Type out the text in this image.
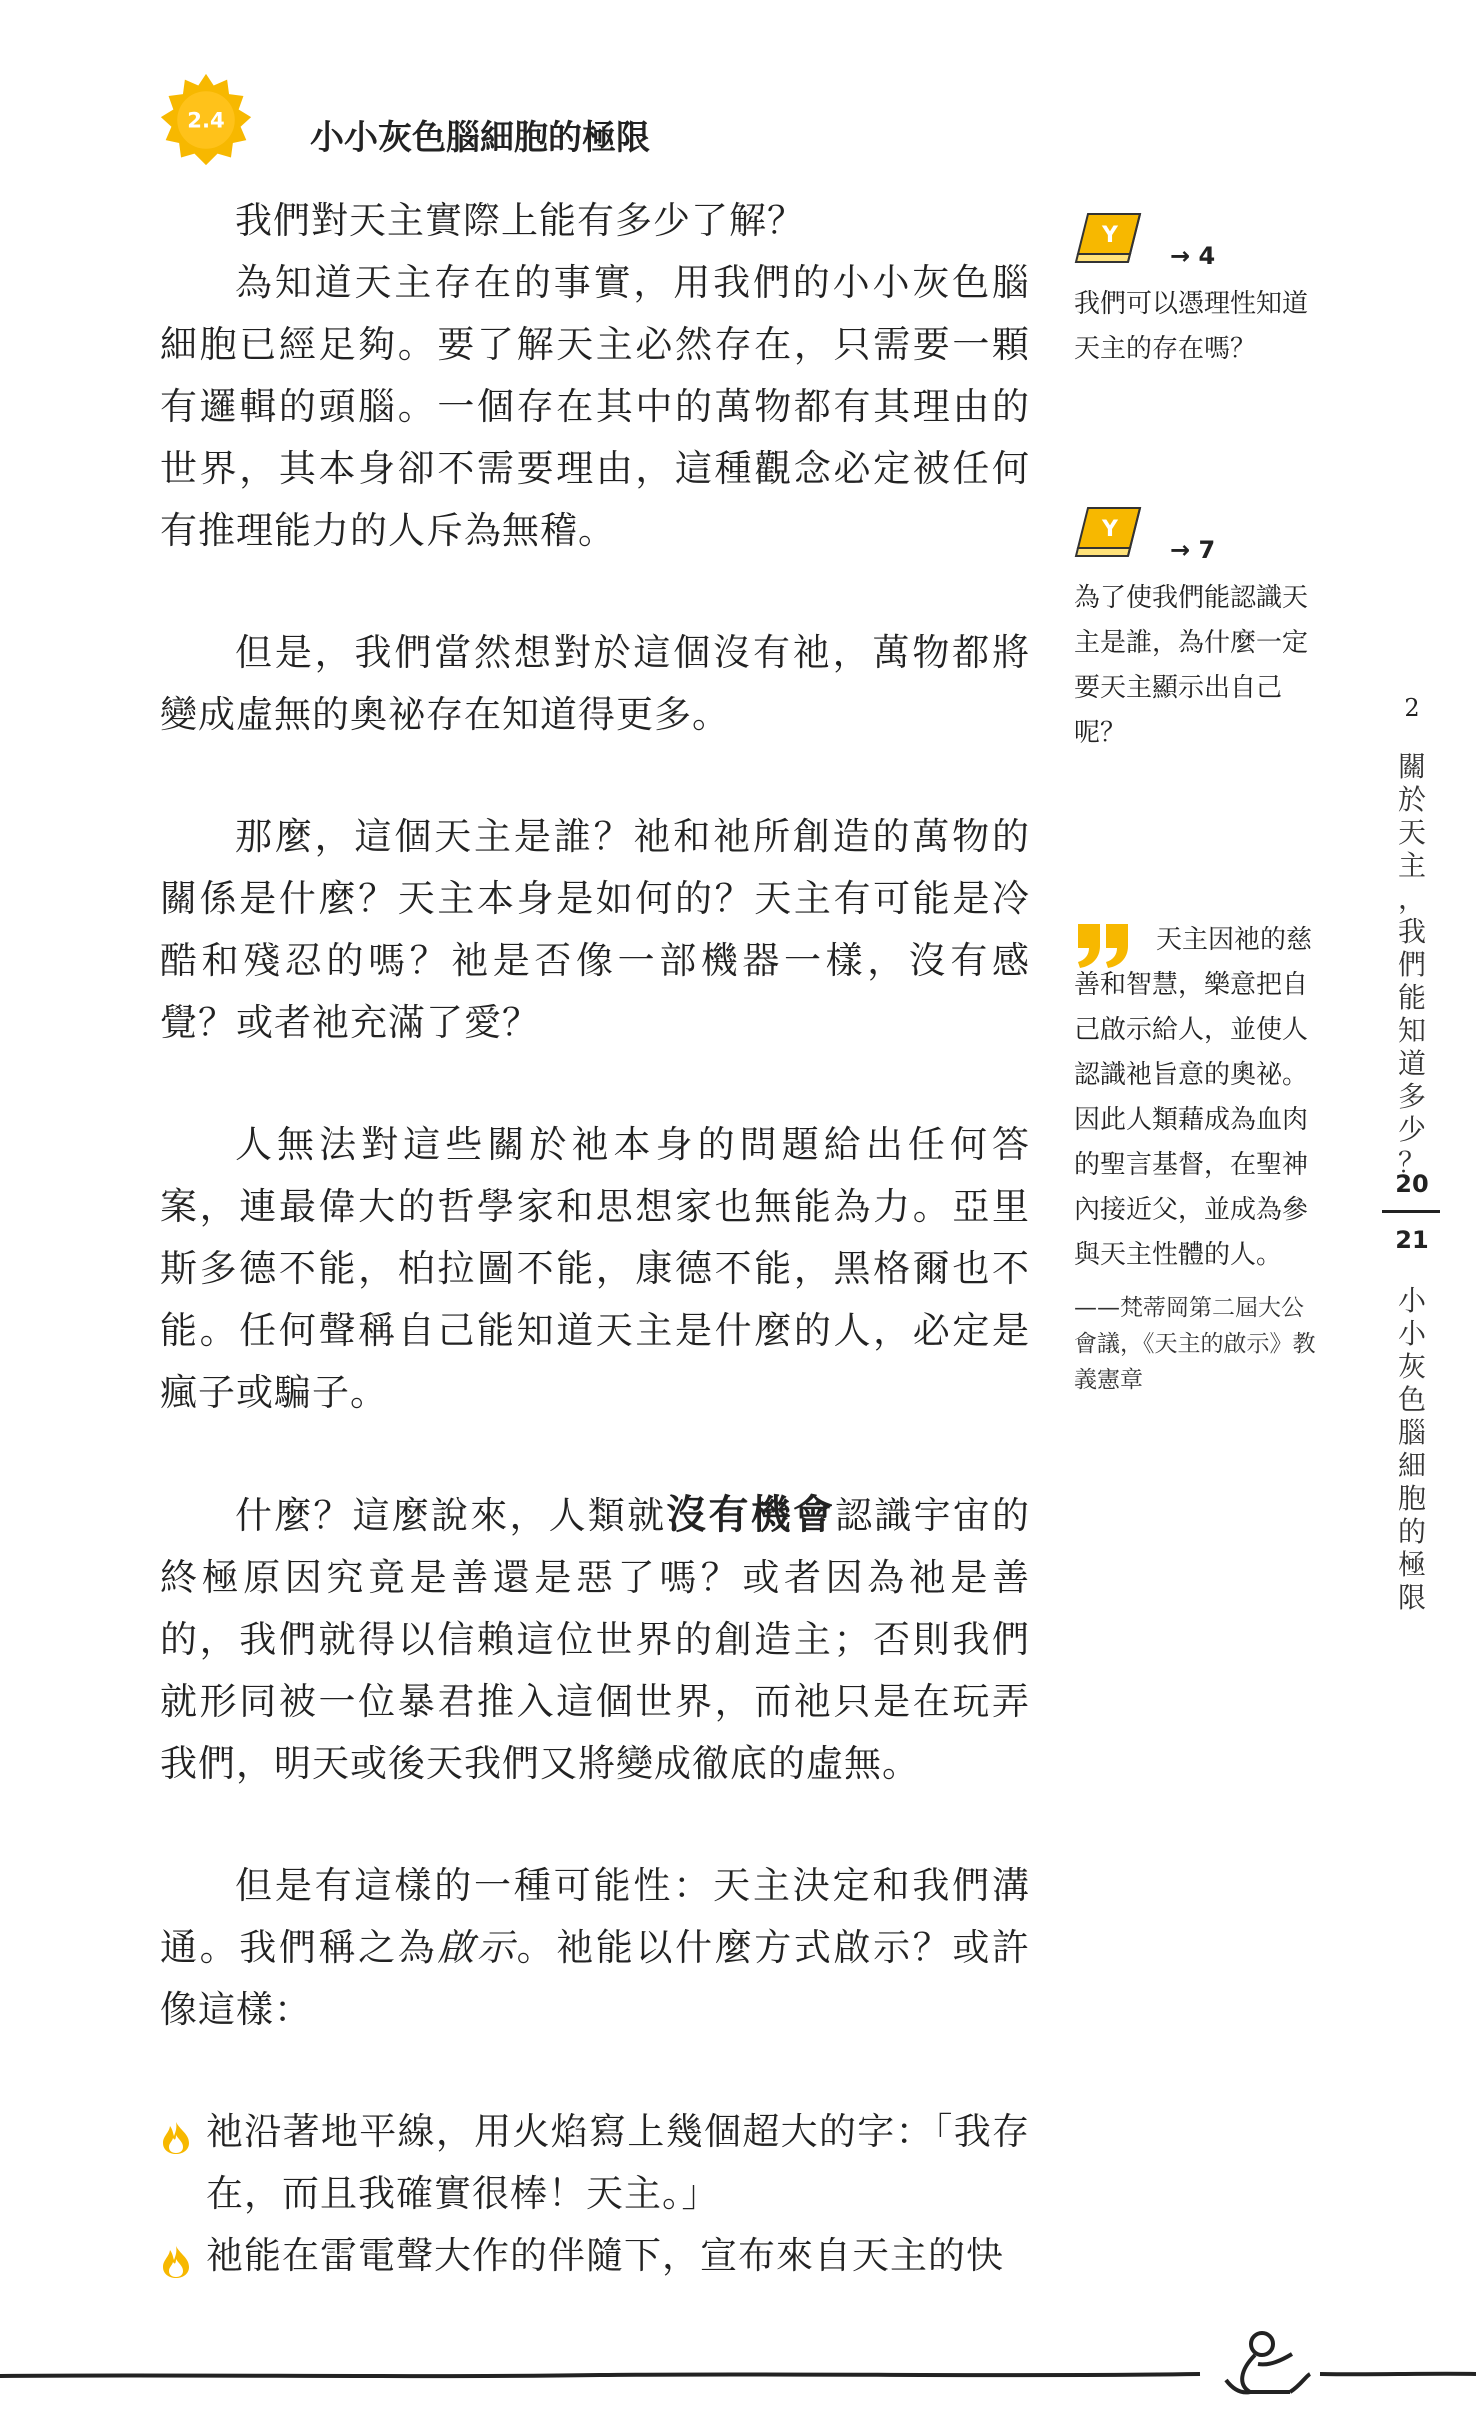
2.4	小小灰色腦細胞的極限

我們對天主實際上能有多少了解？

為知道天主存在的事實，用我們的小小灰色腦細胞已經足夠。要了解天主必然存在，只需要一顆有邏輯的頭腦。一個存在其中的萬物都有其理由的世界，其本身卻不需要理由，這種觀念必定被任何有推理能力的人斥為無稽。

但是，我們當然想對於這個沒有祂，萬物都將變成虛無的奧祕存在知道得更多。

那麼，這個天主是誰？祂和祂所創造的萬物的關係是什麼？天主本身是如何的？天主有可能是冷酷和殘忍的嗎？祂是否像一部機器一樣，沒有感覺？或者祂充滿了愛？

人無法對這些關於祂本身的問題給出任何答案，連最偉大的哲學家和思想家也無能為力。亞里斯多德不能，柏拉圖不能，康德不能，黑格爾也不能。任何聲稱自己能知道天主是什麼的人，必定是瘋子或騙子。

什麼？這麼說來，人類就沒有機會認識宇宙的終極原因究竟是善還是惡了嗎？或者因為祂是善的，我們就得以信賴這位世界的創造主；否則我們就形同被一位暴君推入這個世界，而祂只是在玩弄我們，明天或後天我們又將變成徹底的虛無。

但是有這樣的一種可能性：天主決定和我們溝通。我們稱之為啟示。祂能以什麼方式啟示？或許像這樣：

祂沿著地平線，用火焰寫上幾個超大的字：「我存在，而且我確實很棒！天主。」

祂能在雷電聲大作的伴隨下，宣布來自天主的快

Y
→ 4
我們可以憑理性知道天主的存在嗎？
Y
→ 7
為了使我們能認識天主是誰，為什麼一定要天主顯示出自己呢？

天主因祂的慈善和智慧，樂意把自己啟示給人，並使人認識祂旨意的奧祕。因此人類藉成為血肉的聖言基督，在聖神內接近父，並成為參與天主性體的人。

——梵蒂岡第二屆大公會議，《天主的啟示》教義憲章
2
關
於
天
主
，
我
們
能
知
道
多
少
？
20
21
小
小
灰
色
腦
細
胞
的
極
限
